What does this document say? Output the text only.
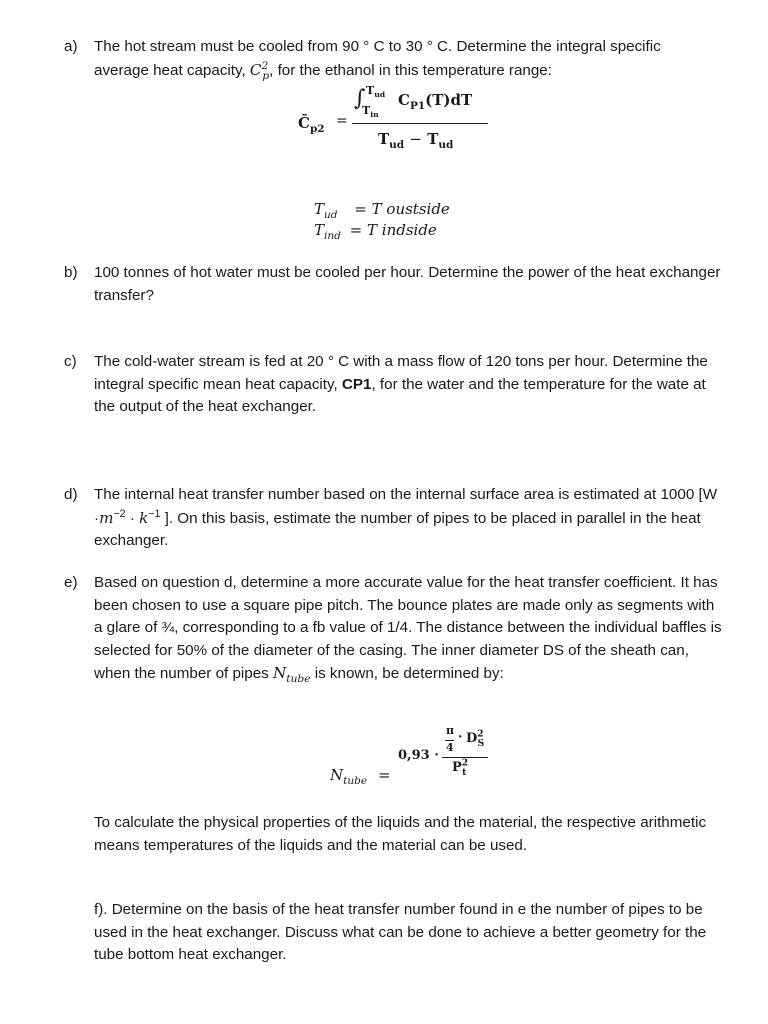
a) The hot stream must be cooled from 90 ° C to 30 ° C. Determine the integral specific
average heat capacity, $C^2_p$, for the ethanol in this temperature range:
$C̄_{p2}$ =
∫ $T_{ud}$
$T_{in}$
$C_{P1}(T)dT$
$T_{ud} - T_{ud}$
$T_{ud} = T$ oustside
$T_{ind} = T$ indside
b) 100 tonnes of hot water must be cooled per hour. Determine the power of the heat exchanger transfer?
c) The cold-water stream is fed at 20 ° C with a mass flow of 120 tons per hour. Determine the integral specific mean heat capacity, CP1, for the water and the temperature for the wate at the output of the heat exchanger.
d) The internal heat transfer number based on the internal surface area is estimated at 1000 [$W \cdot m^{-2} \cdot k^{-1}$ ]. On this basis, estimate the number of pipes to be placed in parallel in the heat exchanger.
e) Based on question d, determine a more accurate value for the heat transfer coefficient. It has been chosen to use a square pipe pitch. The bounce plates are made only as segments with a glare of ¾, corresponding to a fb value of 1/4. The distance between the individual baffles is selected for 50% of the diameter of the casing. The inner diameter DS of the sheath can, when the number of pipes $N_{tube}$ is known, be determined by:
$N_{tube}$ =
0,93 ·
π
4
· $D^2_S$
$P^2_t$
To calculate the physical properties of the liquids and the material, the respective arithmetic means temperatures of the liquids and the material can be used.
f). Determine on the basis of the heat transfer number found in e the number of pipes to be used in the heat exchanger. Discuss what can be done to achieve a better geometry for the tube bottom heat exchanger.
